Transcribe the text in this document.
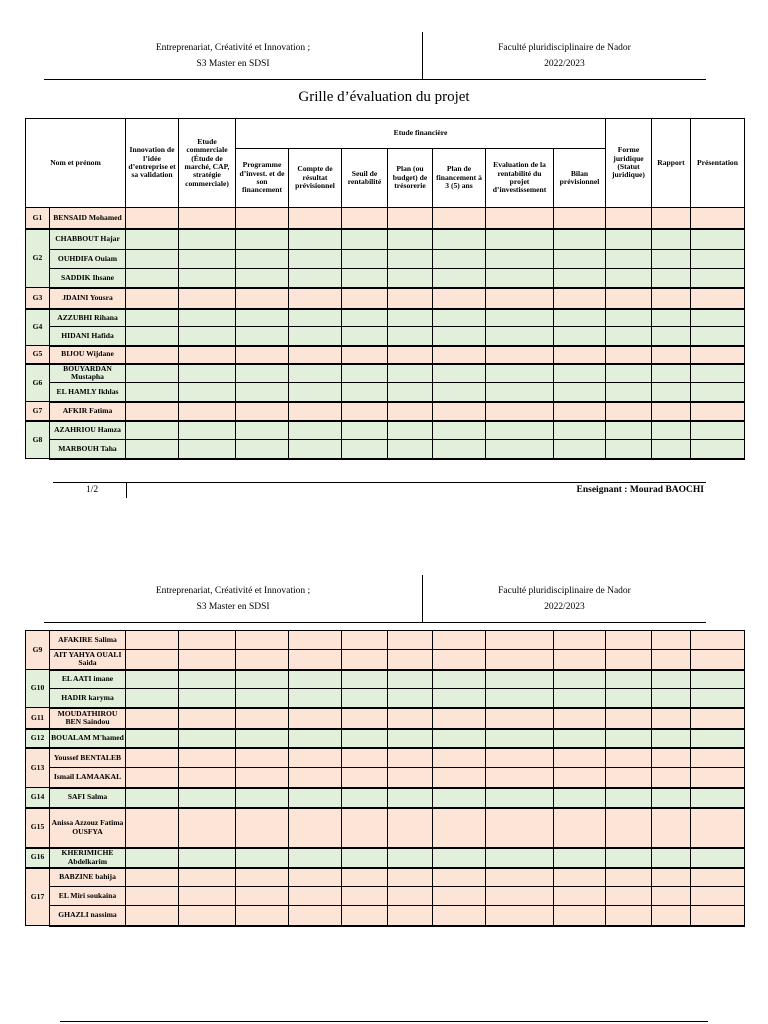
Entreprenariat, Créativité et Innovation ;
S3 Master en SDSI
Faculté pluridisciplinaire de Nador
2022/2023
Grille d’évaluation du projet
Nom et prénom		Innovation de l’idée d’entreprise et sa validation	Etude commerciale (Étude de marché, CAP, stratégie commerciale)	Etude financière							Forme juridique (Statut juridique)	Rapport	Présentation
				Programme d’invest. et de son financement	Compte de résultat prévisionnel	Seuil de rentabilité	Plan (ou budget) de trésorerie	Plan de financement à 3 (5) ans	Evaluation de la rentabilité du projet d’investissement	Bilan prévisionnel			
G1	BENSAID Mohamed												
G2	CHABBOUT Hajar												
	OUHDIFA Ouiam												
	SADDIK Ihsane												
G3	JDAINI Yousra												
G4	AZZUBHI Rihana												
	HIDANI Hafida												
G5	BIJOU Wijdane												
G6	BOUYARDAN Mustapha												
	EL HAMLY Ikhlas												
G7	AFKIR Fatima												
G8	AZAHRIOU Hamza												
	MARBOUH Taha												
1/2	Enseignant : Mourad BAOCHI
Entreprenariat, Créativité et Innovation ;
S3 Master en SDSI
Faculté pluridisciplinaire de Nador
2022/2023
G9	AFAKIRE Salima												
	AIT YAHYA OUALI Saida												
G10	EL AATI imane												
	HADIR karyma												
G11	MOUDATHIROU BEN Saindou												
G12	BOUALAM M'hamed												
G13	Youssef BENTALEB												
	Ismail LAMAAKAL												
G14	SAFI Salma												
G15	Anissa Azzouz Fatima OUSFYA												
G16	KHERIMICHE Abdelkarim												
G17	BABZINE bahija												
	EL Miri soukaina												
	GHAZLI nassima												
